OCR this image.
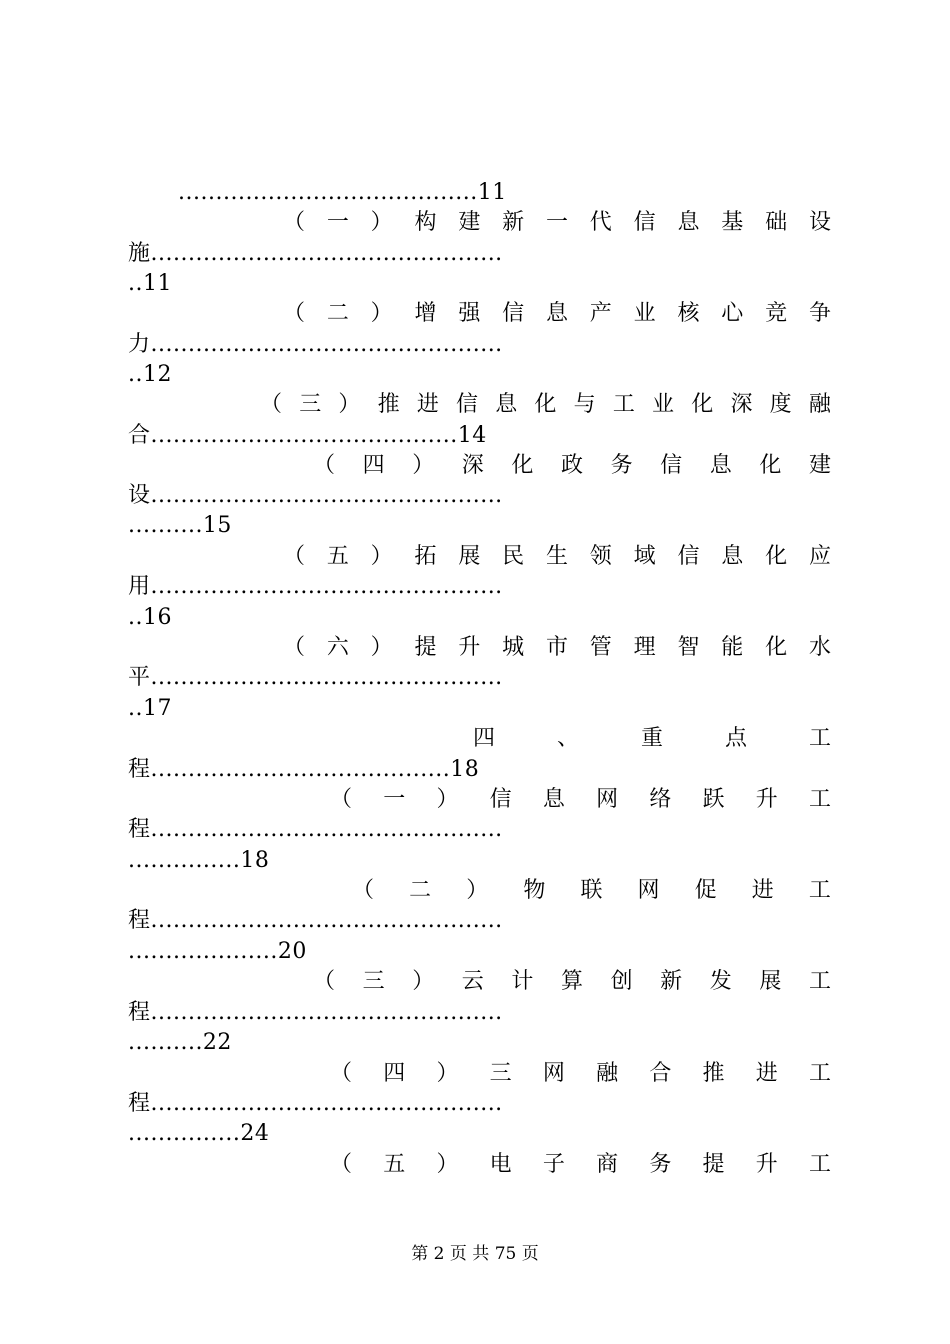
........................................11
（ 一 ） 构 建 新 一 代 信 息 基 础 设
施...............................................
..11
（ 二 ） 增 强 信 息 产 业 核 心 竞 争
力...............................................
..12
（ 三 ） 推 进 信 息 化 与 工 业 化 深 度 融
合.........................................14
（ 四 ） 深 化 政 务 信 息 化 建
设...............................................
..........15
（ 五 ） 拓 展 民 生 领 域 信 息 化 应
用...............................................
..16
（ 六 ） 提 升 城 市 管 理 智 能 化 水
平...............................................
..17
四	、	重	点	工
程........................................18
（ 一 ） 信 息 网 络 跃 升 工
程...............................................
...............18
（ 二 ） 物 联 网 促 进 工
程...............................................
....................20
（ 三 ） 云 计 算 创 新 发 展 工
程...............................................
..........22
（ 四 ） 三 网 融 合 推 进 工
程...............................................
...............24
（ 五 ） 电 子 商 务 提 升 工
第 2 页 共 75 页
